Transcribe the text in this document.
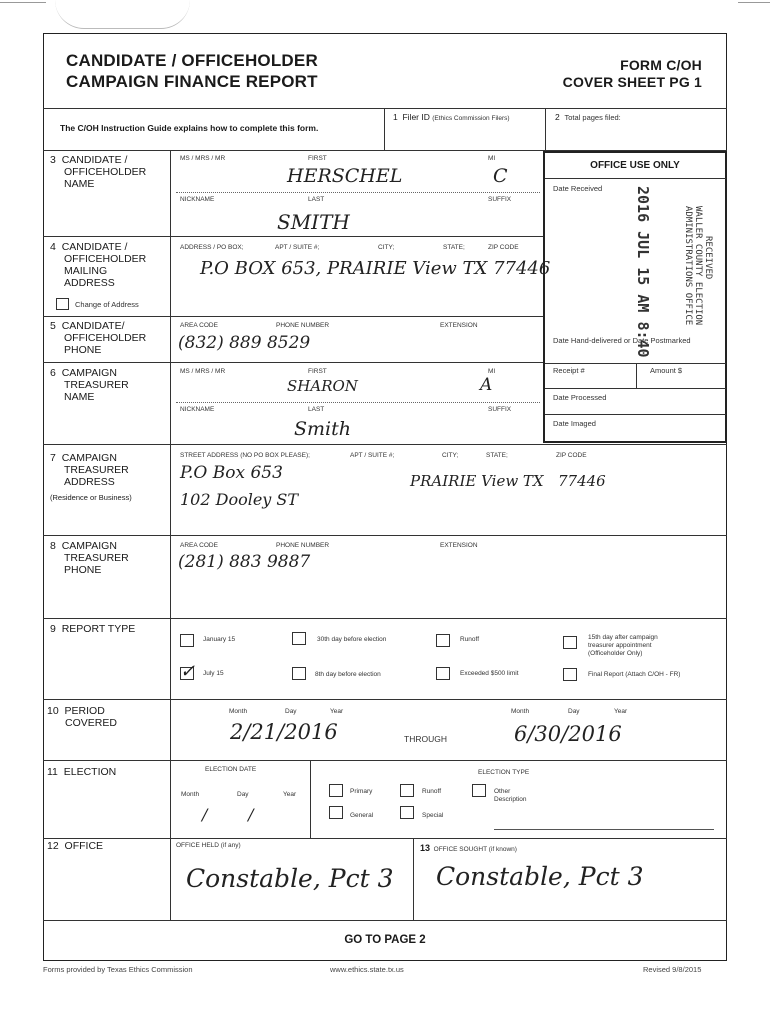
CANDIDATE / OFFICEHOLDER
CAMPAIGN FINANCE REPORT
FORM C/OH
COVER SHEET PG 1
The C/OH Instruction Guide explains how to complete this form.
1 Filer ID (Ethics Commission Filers)	2 Total pages filed:
OFFICE USE ONLY
Date Received 2016 JUL 15 AM 8:40	RECEIVED
WALLER COUNTY ELECTION
ADMINISTRATIONS OFFICE
Date Hand-delivered or Date Postmarked
Receipt #	Amount $
Date Processed
Date Imaged
3 CANDIDATE /
OFFICEHOLDER
NAME
MS / MRS / MR	FIRST	MI
HERSCHEL	C
NICKNAME	LAST	SUFFIX
SMITH
4 CANDIDATE /
OFFICEHOLDER
MAILING
ADDRESS
Change of Address
ADDRESS / PO BOX;	APT / SUITE #;	CITY;	STATE;	ZIP CODE
P.O BOX 653, PRAIRIE View TX 77446
5 CANDIDATE/
OFFICEHOLDER
PHONE
AREA CODE	PHONE NUMBER	EXTENSION
(832) 889 8529
6 CAMPAIGN
TREASURER
NAME
MS / MRS / MR	FIRST	MI
SHARON	A
NICKNAME	LAST	SUFFIX
Smith
7 CAMPAIGN
TREASURER
ADDRESS
(Residence or Business)
STREET ADDRESS (NO PO BOX PLEASE);	APT / SUITE #;	CITY;	STATE;	ZIP CODE
P.O Box 653
102 Dooley ST
PRAIRIE View TX 77446
8 CAMPAIGN
TREASURER
PHONE
AREA CODE	PHONE NUMBER	EXTENSION
(281) 883 9887
9 REPORT TYPE
January 15	30th day before election	Runoff	15th day after campaign
treasurer appointment
(Officeholder Only)
✓ July 15	8th day before election	Exceeded $500 limit	Final Report (Attach C/OH - FR)
10 PERIOD
COVERED
Month	Day	Year
2/21/2016	THROUGH
Month	Day	Year
6/30/2016
11 ELECTION	ELECTION DATE
Month	Day	Year
/        /
ELECTION TYPE
Primary	Runoff	Other
Description
General	Special
12 OFFICE	OFFICE HELD (if any)
Constable, Pct 3
13 OFFICE SOUGHT (if known)
Constable, Pct 3
GO TO PAGE 2
Forms provided by Texas Ethics Commission	www.ethics.state.tx.us	Revised 9/8/2015
